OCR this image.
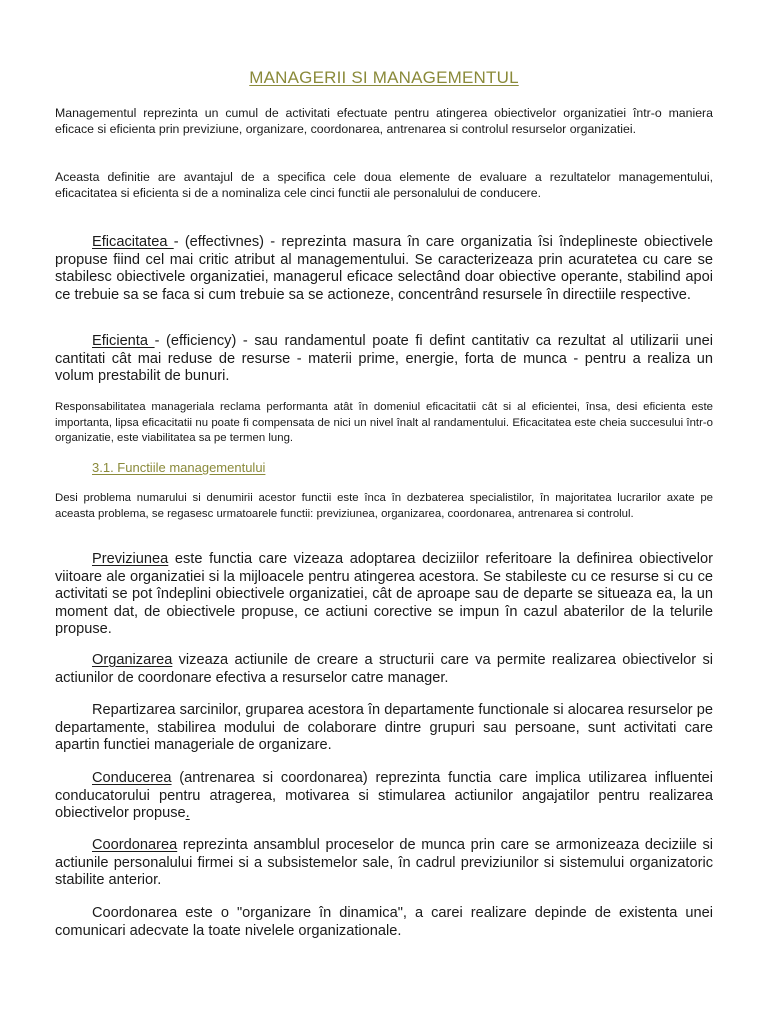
MANAGERII SI MANAGEMENTUL

Managementul reprezinta un cumul de activitati efectuate pentru atingerea obiectivelor organizatiei într-o maniera eficace si eficienta prin previziune, organizare, coordonarea, antrenarea si controlul resurselor organizatiei.

Aceasta definitie are avantajul de a specifica cele doua elemente de evaluare a rezultatelor managementului, eficacitatea si eficienta si de a nominaliza cele cinci functii ale personalului de conducere.

Eficacitatea - (effectivnes) - reprezinta masura în care organizatia îsi îndeplineste obiectivele propuse fiind cel mai critic atribut al managementului. Se caracterizeaza prin acuratetea cu care se stabilesc obiectivele organizatiei, managerul eficace selectând doar obiective operante, stabilind apoi ce trebuie sa se faca si cum trebuie sa se actioneze, concentrând resursele în directiile respective.

Eficienta - (efficiency) - sau randamentul poate fi defint cantitativ ca rezultat al utilizarii unei cantitati cât mai reduse de resurse - materii prime, energie, forta de munca - pentru a realiza un volum prestabilit de bunuri.

Responsabilitatea manageriala reclama performanta atât în domeniul eficacitatii cât si al eficientei, însa, desi eficienta este importanta, lipsa eficacitatii nu poate fi compensata de nici un nivel înalt al randamentului. Eficacitatea este cheia succesului într-o organizatie, este viabilitatea sa pe termen lung.

3.1. Functiile managementului

Desi problema numarului si denumirii acestor functii este înca în dezbaterea specialistilor, în majoritatea lucrarilor axate pe aceasta problema, se regasesc urmatoarele functii: previziunea, organizarea, coordonarea, antrenarea si controlul.

Previziunea este functia care vizeaza adoptarea deciziilor referitoare la definirea obiectivelor viitoare ale organizatiei si la mijloacele pentru atingerea acestora. Se stabileste cu ce resurse si cu ce activitati se pot îndeplini obiectivele organizatiei, cât de aproape sau de departe se situeaza ea, la un moment dat, de obiectivele propuse, ce actiuni corective se impun în cazul abaterilor de la telurile propuse.

Organizarea vizeaza actiunile de creare a structurii care va permite realizarea obiectivelor si actiunilor de coordonare efectiva a resurselor catre manager.

Repartizarea sarcinilor, gruparea acestora în departamente functionale si alocarea resurselor pe departamente, stabilirea modului de colaborare dintre grupuri sau persoane, sunt activitati care apartin functiei manageriale de organizare.

Conducerea (antrenarea si coordonarea) reprezinta functia care implica utilizarea influentei conducatorului pentru atragerea, motivarea si stimularea actiunilor angajatilor pentru realizarea obiectivelor propuse.

Coordonarea reprezinta ansamblul proceselor de munca prin care se armonizeaza deciziile si actiunile personalului firmei si a subsistemelor sale, în cadrul previziunilor si sistemului organizatoric stabilite anterior.

Coordonarea este o "organizare în dinamica", a carei realizare depinde de existenta unei comunicari adecvate la toate nivelele organizationale.
